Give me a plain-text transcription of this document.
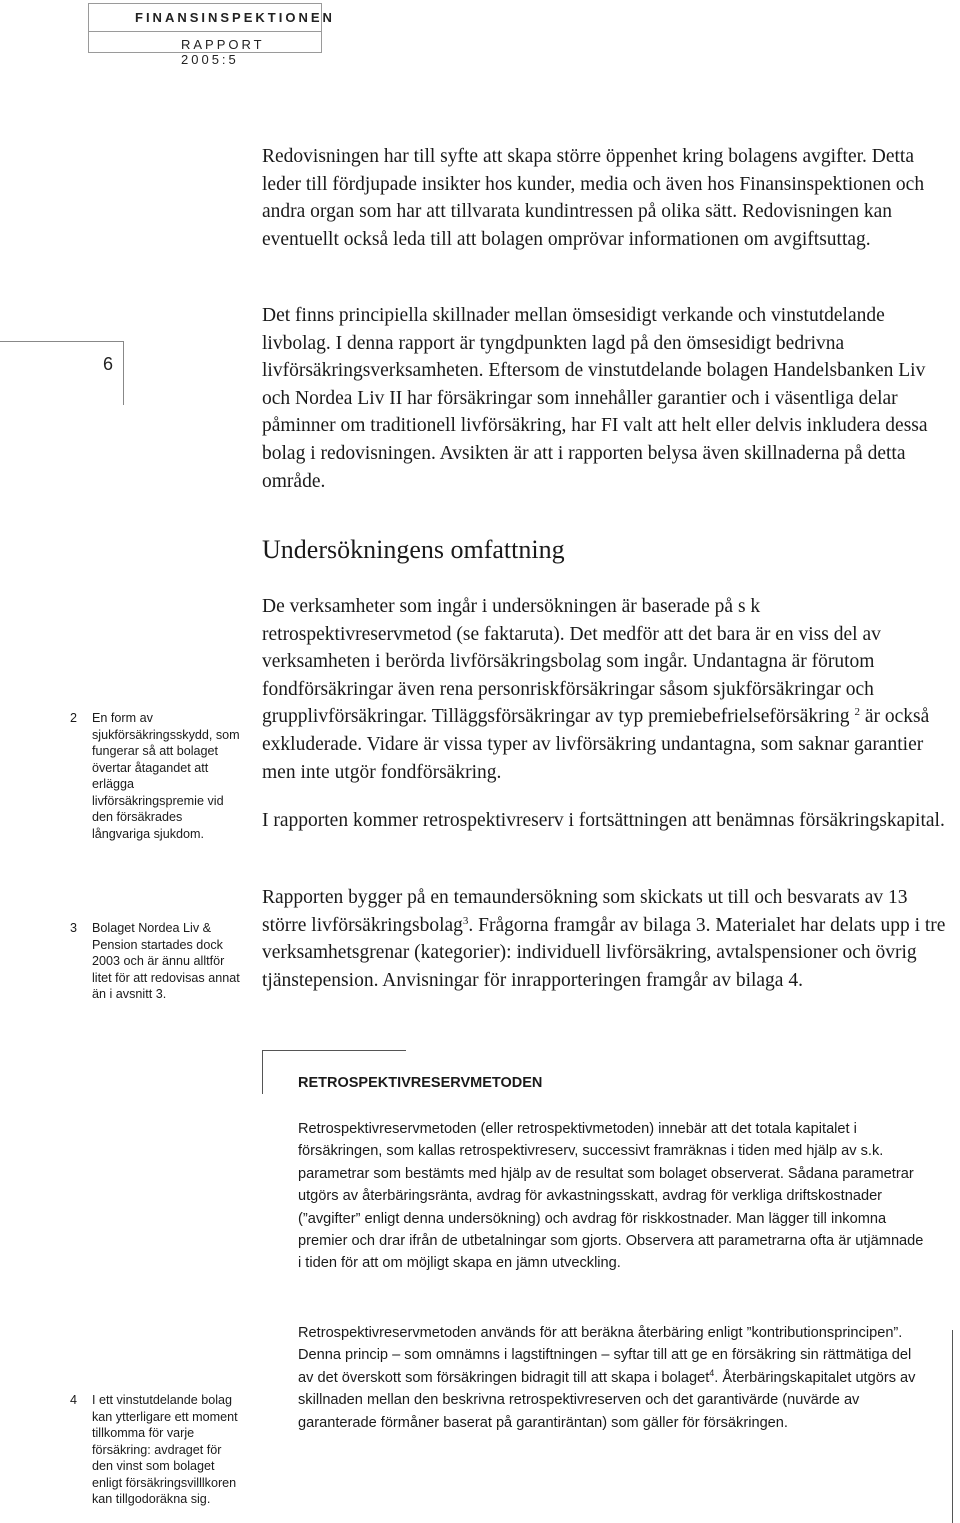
FINANSINSPEKTIONEN
RAPPORT 2005:5
6

Redovisningen har till syfte att skapa större öppenhet kring bolagens avgifter. Detta leder till fördjupade insikter hos kunder, media och även hos Finansinspektionen och andra organ som har att tillvarata kundintressen på olika sätt. Redovisningen kan eventuellt också leda till att bolagen omprövar informationen om avgiftsuttag.

Det finns principiella skillnader mellan ömsesidigt verkande och vinstutdelande livbolag. I denna rapport är tyngdpunkten lagd på den ömsesidigt bedrivna livförsäkringsverksamheten. Eftersom de vinstutdelande bolagen Handelsbanken Liv och Nordea Liv II har försäkringar som innehåller garantier och i väsentliga delar påminner om traditionell livförsäkring, har FI valt att helt eller delvis inkludera dessa bolag i redovisningen. Avsikten är att i rapporten belysa även skillnaderna på detta område.

Undersökningens omfattning

De verksamheter som ingår i undersökningen är baserade på s k retrospektivreservmetod (se faktaruta). Det medför att det bara är en viss del av verksamheten i berörda livförsäkringsbolag som ingår. Undantagna är förutom fondförsäkringar även rena personriskförsäkringar såsom sjukförsäkringar och grupplivförsäkringar. Tilläggsförsäkringar av typ premiebefrielseförsäkring $^2$ är också exkluderade. Vidare är vissa typer av livförsäkring undantagna, som saknar garantier men inte utgör fondförsäkring.

I rapporten kommer retrospektivreserv i fortsättningen att benämnas försäkringskapital.

Rapporten bygger på en temaundersökning som skickats ut till och besvarats av 13 större livförsäkringsbolag$^3$. Frågorna framgår av bilaga 3. Materialet har delats upp i tre verksamhetsgrenar (kategorier): individuell livförsäkring, avtalspensioner och övrig tjänstepension. Anvisningar för inrapporteringen framgår av bilaga 4.

2 En form av sjukförsäkringsskydd, som fungerar så att bolaget övertar åtagandet att erlägga livförsäkringspremie vid den försäkrades långvariga sjukdom.
3 Bolaget Nordea Liv & Pension startades dock 2003 och är ännu alltför litet för att redovisas annat än i avsnitt 3.
4 I ett vinstutdelande bolag kan ytterligare ett moment tillkomma för varje försäkring: avdraget för den vinst som bolaget enligt försäkringsvilllkoren kan tillgodoräkna sig.
RETROSPEKTIVRESERVMETODEN
Retrospektivreservmetoden (eller retrospektivmetoden) innebär att det totala kapitalet i försäkringen, som kallas retrospektivreserv, successivt framräknas i tiden med hjälp av s.k. parametrar som bestämts med hjälp av de resultat som bolaget observerat. Sådana parametrar utgörs av återbäringsränta, avdrag för avkastningsskatt, avdrag för verkliga driftskostnader (”avgifter” enligt denna undersökning) och avdrag för riskkostnader. Man lägger till inkomna premier och drar ifrån de utbetalningar som gjorts. Observera att parametrarna ofta är utjämnade i tiden för att om möjligt skapa en jämn utveckling.
Retrospektivreservmetoden används för att beräkna återbäring enligt ”kontributionsprincipen”. Denna princip – som omnämns i lagstiftningen – syftar till att ge en försäkring sin rättmätiga del av det överskott som försäkringen bidragit till att skapa i bolaget$^4$. Återbäringskapitalet utgörs av skillnaden mellan den beskrivna retrospektivreserven och det garantivärde (nuvärde av garanterade förmåner baserat på garantiräntan) som gäller för försäkringen.
